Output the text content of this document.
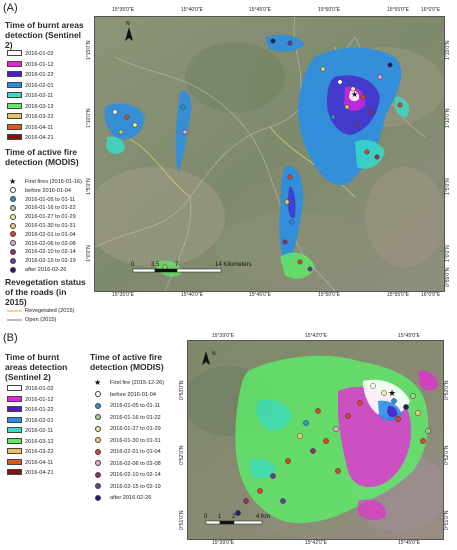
(A)
Time of burnt areas detection (Sentinel 2)
2016-01-02
2016-01-12
2016-01-22
2016-02-01
2016-02-11
2016-03-12
2016-03-22
2016-04-11
2016-04-21
Time of active fire detection (MODIS)
★ First fires (2016-01-16)
before 2016-01-04
2016-01-05 to 01-11
2016-01-16 to 01-22
2016-01-27 to 01-29
2016-01-30 to 01-31
2016-02-01 to 01-04
2016-02-06 to 02-08
2016-02-10 to 02-14
2016-02-15 to 02-19
after 2016-02-26
Revegetation status of the roads (in 2015)
Revegetated (2015)
Open (2015)
★
N
0	3.5	7	14 Kilometers
15°35'0"E	15°40'0"E	15°45'0"E	15°50'0"E	15°55'0"E 16°0'0"E
15°35'0"E	15°40'0"E	15°45'0"E	15°50'0"E	15°55'0"E 16°0'0"E
1°15'0"N
1°10'0"N
1°5'0"N
1°0'0"N
1°15'0"N
1°10'0"N
1°5'0"N
1°0'0"N
0°55'0"N
(B)
Time of burnt areas detection (Sentinel 2)
2016-01-02
2016-01-12
2016-01-22
2016-02-01
2016-02-11
2016-03-12
2016-03-22
2016-04-11
2016-04-21
Time of active fire detection (MODIS)
★ First fire (2015-12-26)
before 2016-01-04
2016-01-05 to 01-11
2016-01-16 to 01-22
2016-01-27 to 01-29
2016-01-30 to 01-31
2016-02-01 to 01-04
2016-02-06 to 02-08
2016-02-10 to 02-14
2016-02-15 to 02-19
after 2016-02-26
★
N
0 1 2	4 Km
15°39'0"E	15°42'0"E	15°45'0"E
15°39'0"E	15°42'0"E	15°45'0"E
0°53'0"N
0°52'0"N
0°51'0"N
0°53'0"N
0°52'0"N
0°51'0"N
